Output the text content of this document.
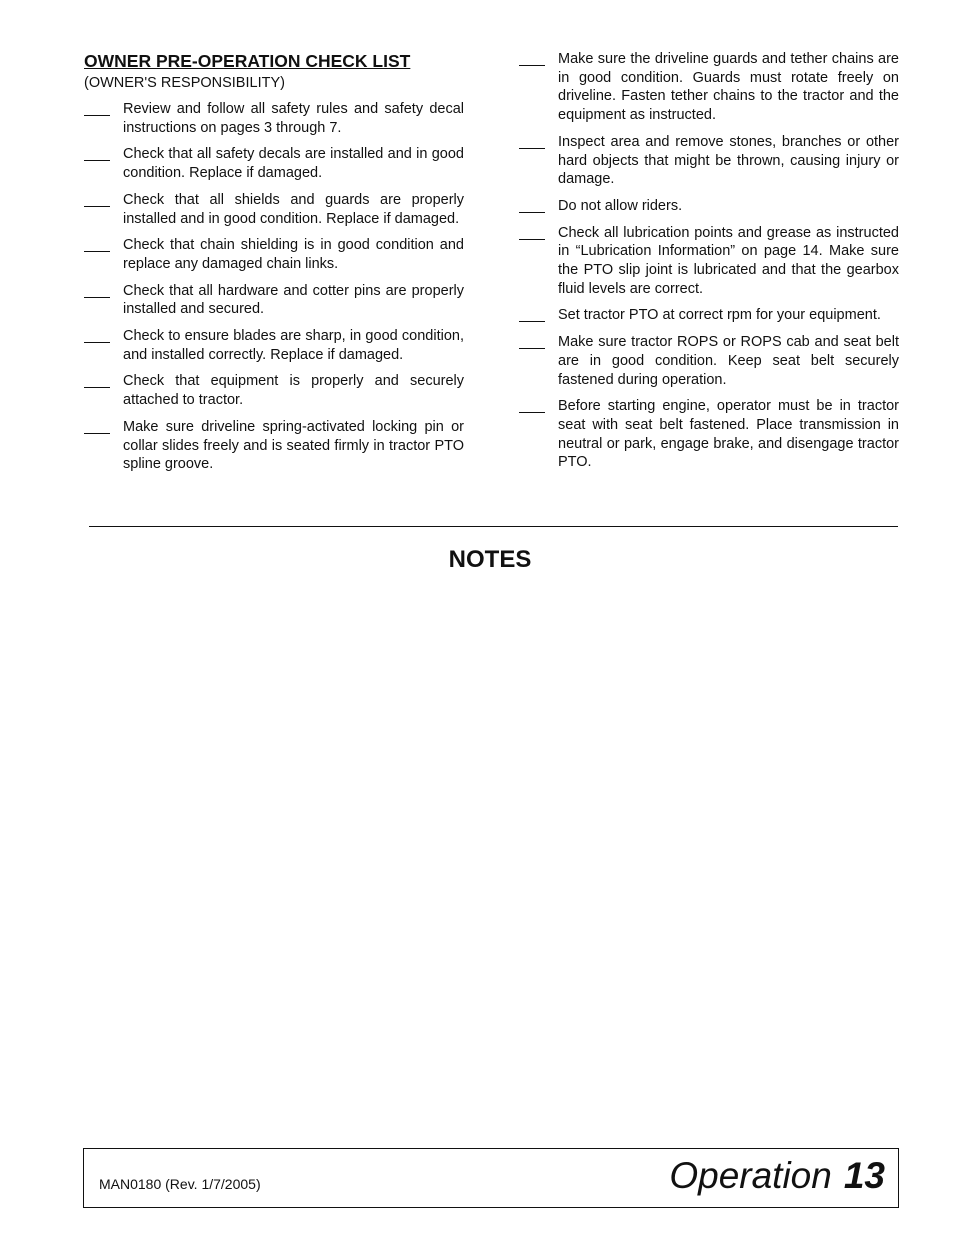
OWNER PRE-OPERATION CHECK LIST
(OWNER'S RESPONSIBILITY)
Review and follow all safety rules and safety decal instructions on pages 3 through 7.
Check that all safety decals are installed and in good condition. Replace if damaged.
Check that all shields and guards are properly installed and in good condition. Replace if damaged.
Check that chain shielding is in good condition and replace any damaged chain links.
Check that all hardware and cotter pins are properly installed and secured.
Check to ensure blades are sharp, in good condition, and installed correctly. Replace if damaged.
Check that equipment is properly and securely attached to tractor.
Make sure driveline spring-activated locking pin or collar slides freely and is seated firmly in tractor PTO spline groove.
Make sure the driveline guards and tether chains are in good condition. Guards must rotate freely on driveline. Fasten tether chains to the tractor and the equipment as instructed.
Inspect area and remove stones, branches or other hard objects that might be thrown, causing injury or damage.
Do not allow riders.
Check all lubrication points and grease as instructed in “Lubrication Information” on page 14. Make sure the PTO slip joint is lubricated and that the gearbox fluid levels are correct.
Set tractor PTO at correct rpm for your equipment.
Make sure tractor ROPS or ROPS cab and seat belt are in good condition. Keep seat belt securely fastened during operation.
Before starting engine, operator must be in tractor seat with seat belt fastened. Place transmission in neutral or park, engage brake, and disengage tractor PTO.
NOTES
MAN0180 (Rev. 1/7/2005)	Operation 13
